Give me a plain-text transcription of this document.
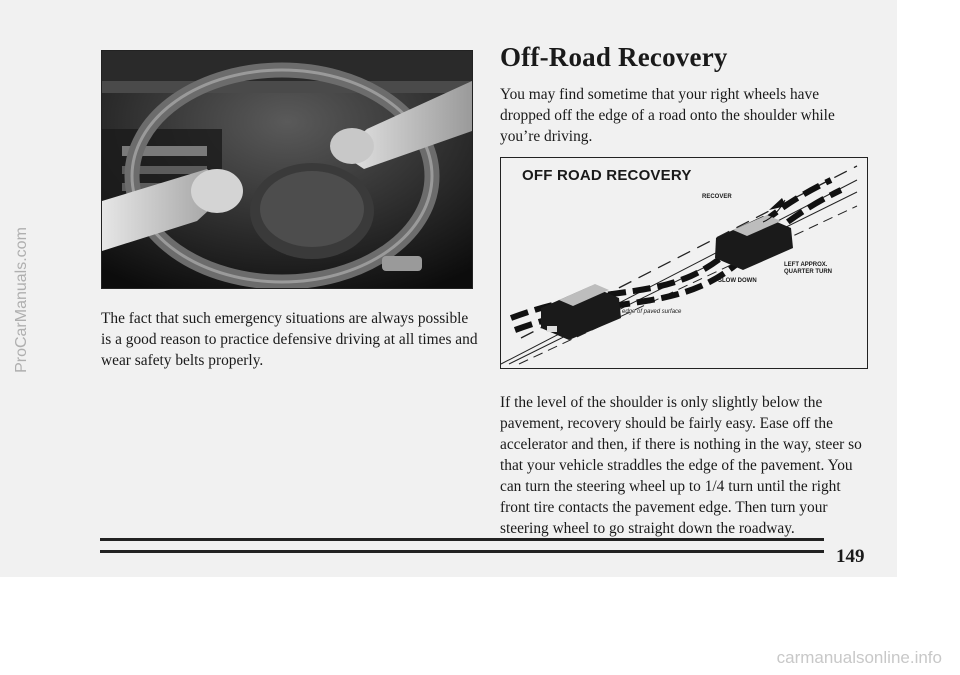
The fact that such emergency situations are always possible is a good reason to practice defensive driving at all times and wear safety belts properly.

Off-Road Recovery

You may find sometime that your right wheels have dropped off the edge of a road onto the shoulder while you’re driving.

OFF ROAD RECOVERY

RECOVER

LEFT APPROX.

QUARTER TURN

SLOW DOWN

edge of paved surface

If the level of the shoulder is only slightly below the pavement, recovery should be fairly easy. Ease off the accelerator and then, if there is nothing in the way, steer so that your vehicle straddles the edge of the pavement. You can turn the steering wheel up to 1/4 turn until the right front tire contacts the pavement edge. Then turn your steering wheel to go straight down the roadway.

149

ProCarManuals.com

carmanualsonline.info
